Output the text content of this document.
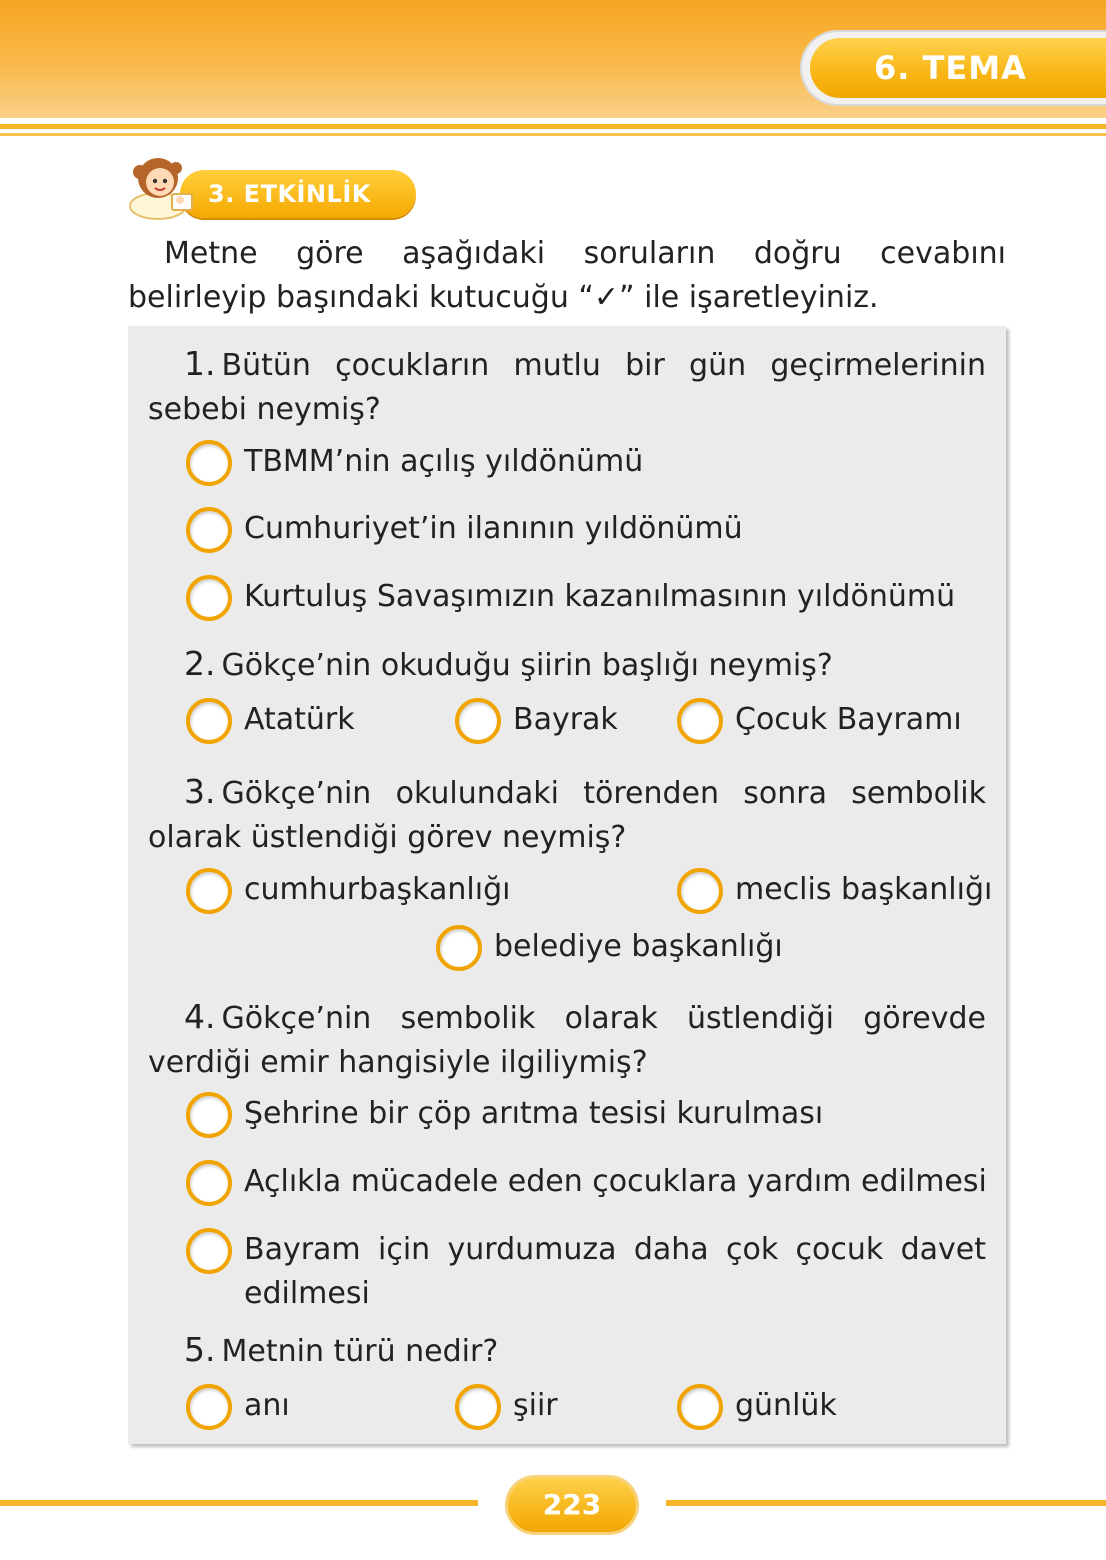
6. TEMA
3. ETKİNLİK
Metne göre aşağıdaki soruların doğru cevabını belirleyip başındaki kutucuğu “✓” ile işaretleyiniz.
1. Bütün çocukların mutlu bir gün geçirmelerinin sebebi neymiş?
TBMM’nin açılış yıldönümü
Cumhuriyet’in ilanının yıldönümü
Kurtuluş Savaşımızın kazanılmasının yıldönümü
2. Gökçe’nin okuduğu şiirin başlığı neymiş?
Atatürk	Bayrak	Çocuk Bayramı
3. Gökçe’nin okulundaki törenden sonra sembolik olarak üstlendiği görev neymiş?
cumhurbaşkanlığı	meclis başkanlığı
belediye başkanlığı
4. Gökçe’nin sembolik olarak üstlendiği görevde verdiği emir hangisiyle ilgiliymiş?
Şehrine bir çöp arıtma tesisi kurulması
Açlıkla mücadele eden çocuklara yardım edilmesi
Bayram için yurdumuza daha çok çocuk davet edilmesi
5. Metnin türü nedir?
anı	şiir	günlük
223
